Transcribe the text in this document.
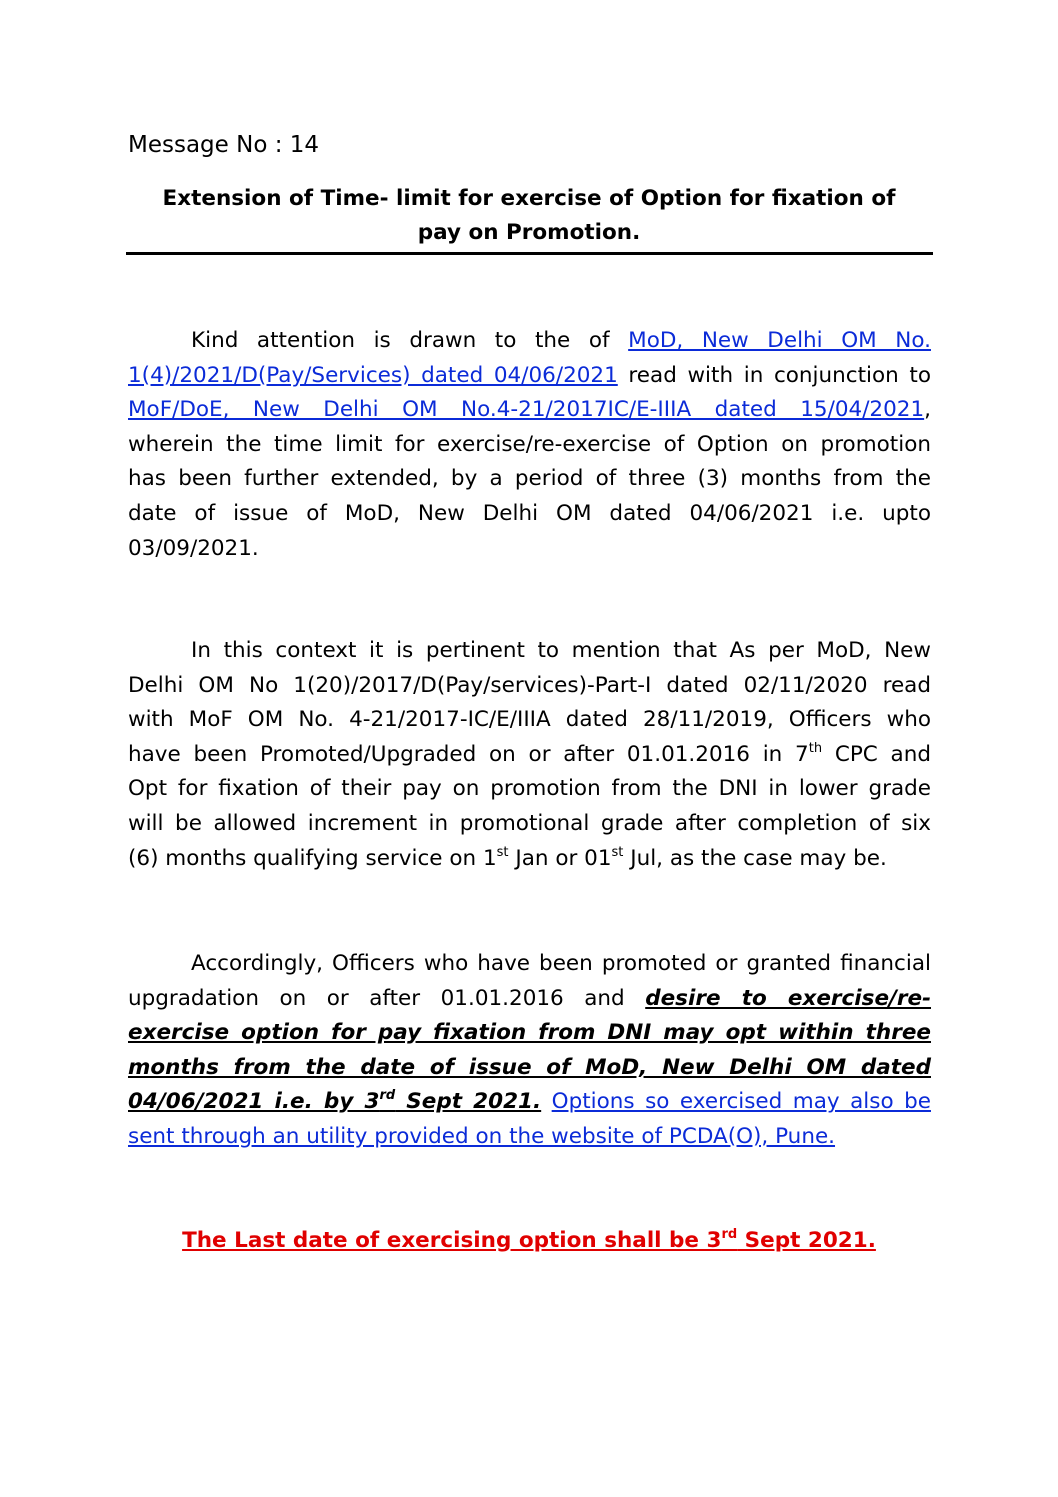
Message No : 14
Extension of Time- limit for exercise of Option for fixation of
pay on Promotion.
Kind attention is drawn to the of MoD, New Delhi OM No.
1(4)/2021/D(Pay/Services) dated 04/06/2021 read with in conjunction to
MoF/DoE, New Delhi OM No.4-21/2017IC/E-IIIA dated 15/04/2021,
wherein the time limit for exercise/re-exercise of Option on promotion
has been further extended, by a period of three (3) months from the
date of issue of MoD, New Delhi OM dated 04/06/2021 i.e. upto
03/09/2021.
In this context it is pertinent to mention that As per MoD, New
Delhi OM No 1(20)/2017/D(Pay/services)-Part-I dated 02/11/2020 read
with MoF OM No. 4-21/2017-IC/E/IIIA dated 28/11/2019, Officers who
have been Promoted/Upgraded on or after 01.01.2016 in 7th CPC and
Opt for fixation of their pay on promotion from the DNI in lower grade
will be allowed increment in promotional grade after completion of six
(6) months qualifying service on 1st Jan or 01st Jul, as the case may be.
Accordingly, Officers who have been promoted or granted financial
upgradation on or after 01.01.2016 and desire to exercise/re-
exercise option for pay fixation from DNI may opt within three
months from the date of issue of MoD, New Delhi OM dated
04/06/2021 i.e. by 3rd Sept 2021. Options so exercised may also be
sent through an utility provided on the website of PCDA(O), Pune.
The Last date of exercising option shall be 3rd Sept 2021.
